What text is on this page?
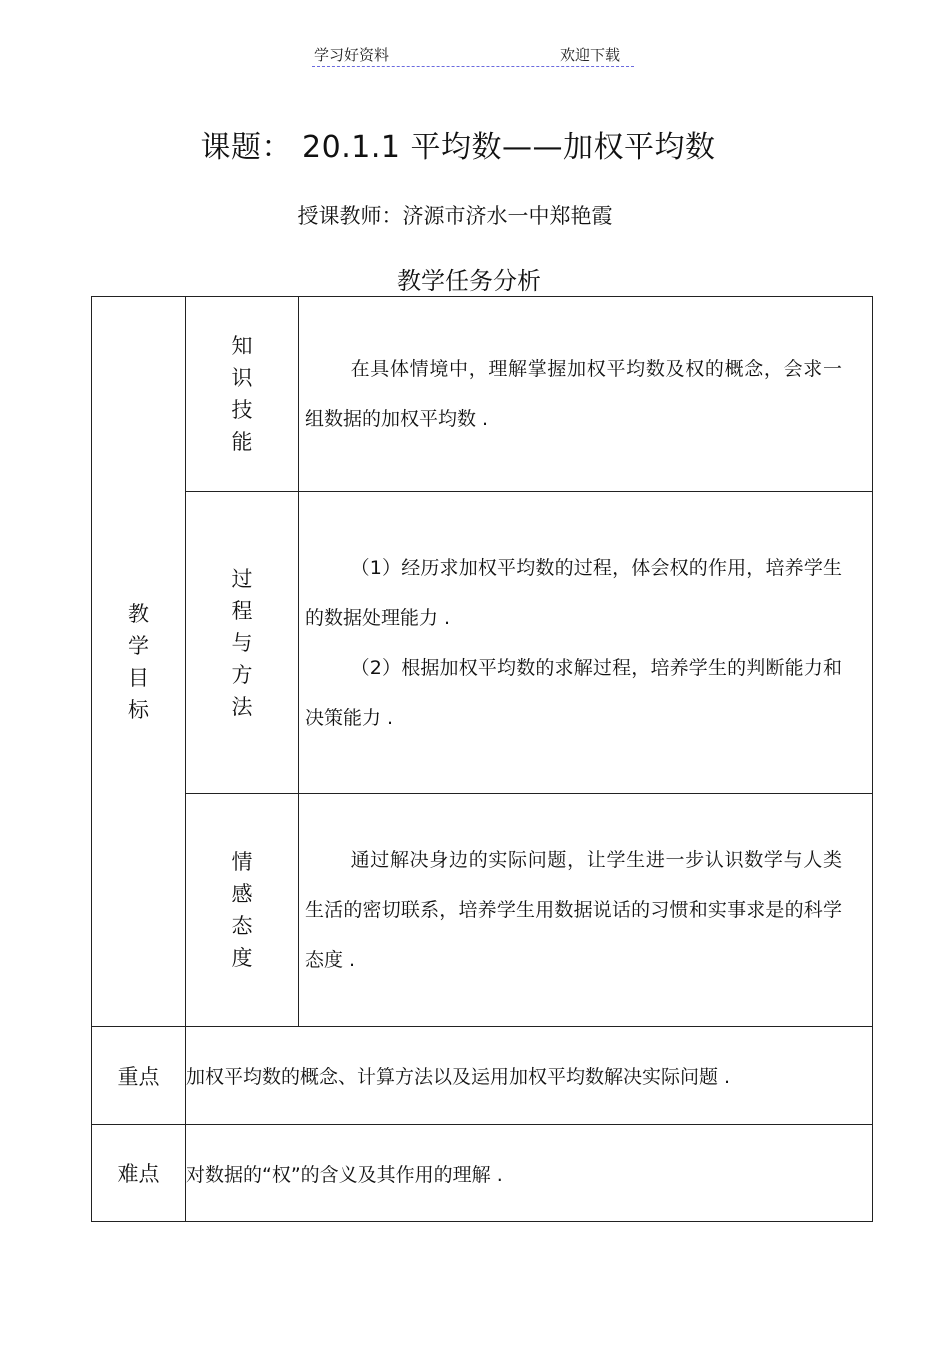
学习好资料	欢迎下载
课题： 20.1.1 平均数——加权平均数
授课教师：济源市济水一中郑艳霞
教学任务分析
教学目标	知识技能	在具体情境中，理解掌握加权平均数及权的概念，会求一组数据的加权平均数 .

	过程与方法	（1）经历求加权平均数的过程，体会权的作用，培养学生的数据处理能力 .
（2）根据加权平均数的求解过程，培养学生的判断能力和决策能力 .

	情感态度	通过解决身边的实际问题，让学生进一步认识数学与人类生活的密切联系，培养学生用数据说话的习惯和实事求是的科学态度 .

重点	加权平均数的概念、计算方法以及运用加权平均数解决实际问题 .	
难点	对数据的“权”的含义及其作用的理解 .	
